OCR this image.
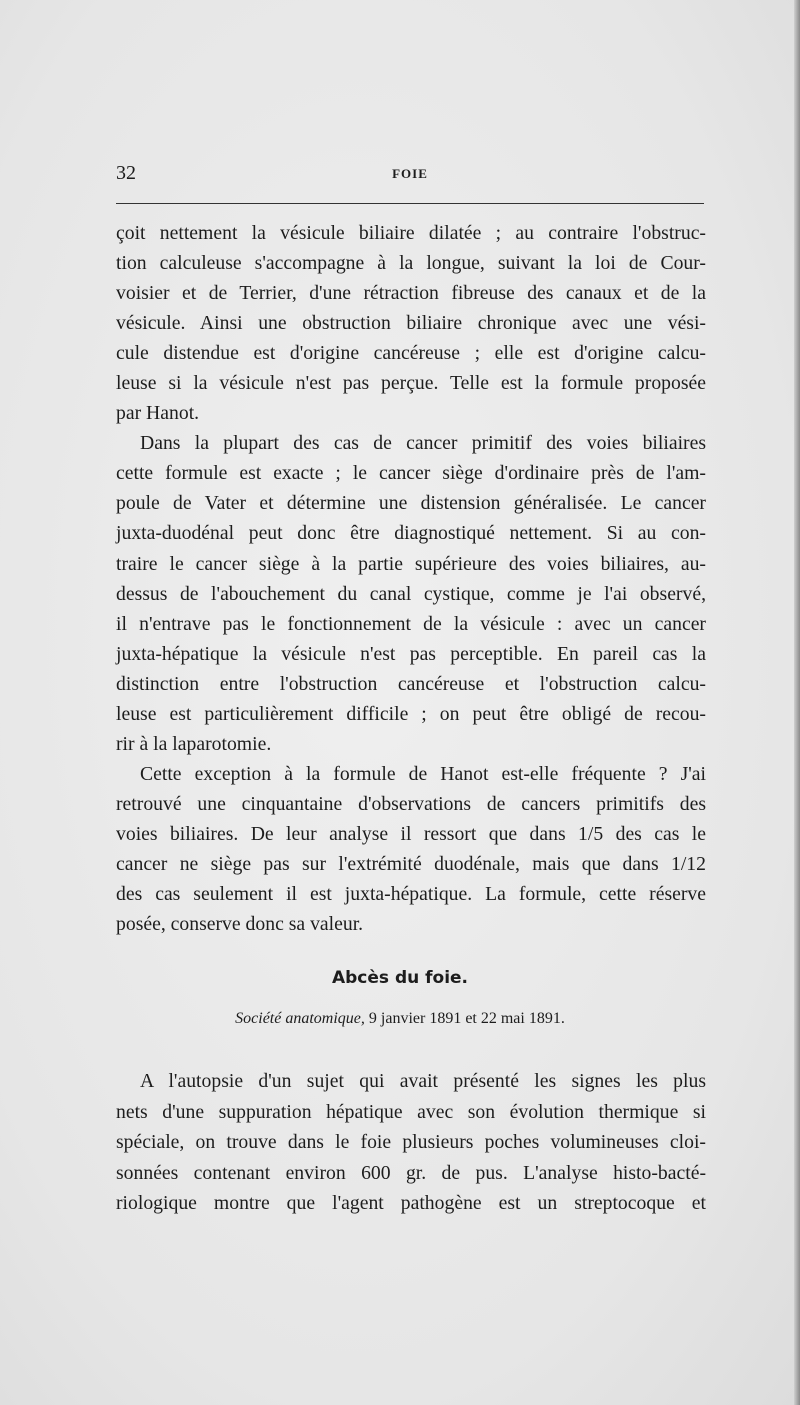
32	FOIE

çoit nettement la vésicule biliaire dilatée ; au contraire l'obstruc-
tion calculeuse s'accompagne à la longue, suivant la loi de Cour-
voisier et de Terrier, d'une rétraction fibreuse des canaux et de la
vésicule. Ainsi une obstruction biliaire chronique avec une vési-
cule distendue est d'origine cancéreuse ; elle est d'origine calcu-
leuse si la vésicule n'est pas perçue. Telle est la formule proposée
par Hanot.

Dans la plupart des cas de cancer primitif des voies biliaires
cette formule est exacte ; le cancer siège d'ordinaire près de l'am-
poule de Vater et détermine une distension généralisée. Le cancer
juxta-duodénal peut donc être diagnostiqué nettement. Si au con-
traire le cancer siège à la partie supérieure des voies biliaires, au-
dessus de l'abouchement du canal cystique, comme je l'ai observé,
il n'entrave pas le fonctionnement de la vésicule : avec un cancer
juxta-hépatique la vésicule n'est pas perceptible. En pareil cas la
distinction entre l'obstruction cancéreuse et l'obstruction calcu-
leuse est particulièrement difficile ; on peut être obligé de recou-
rir à la laparotomie.

Cette exception à la formule de Hanot est-elle fréquente ? J'ai
retrouvé une cinquantaine d'observations de cancers primitifs des
voies biliaires. De leur analyse il ressort que dans 1/5 des cas le
cancer ne siège pas sur l'extrémité duodénale, mais que dans 1/12
des cas seulement il est juxta-hépatique. La formule, cette réserve
posée, conserve donc sa valeur.

Abcès du foie.
Société anatomique, 9 janvier 1891 et 22 mai 1891.

A l'autopsie d'un sujet qui avait présenté les signes les plus
nets d'une suppuration hépatique avec son évolution thermique si
spéciale, on trouve dans le foie plusieurs poches volumineuses cloi-
sonnées contenant environ 600 gr. de pus. L'analyse histo-bacté-
riologique montre que l'agent pathogène est un streptocoque et
